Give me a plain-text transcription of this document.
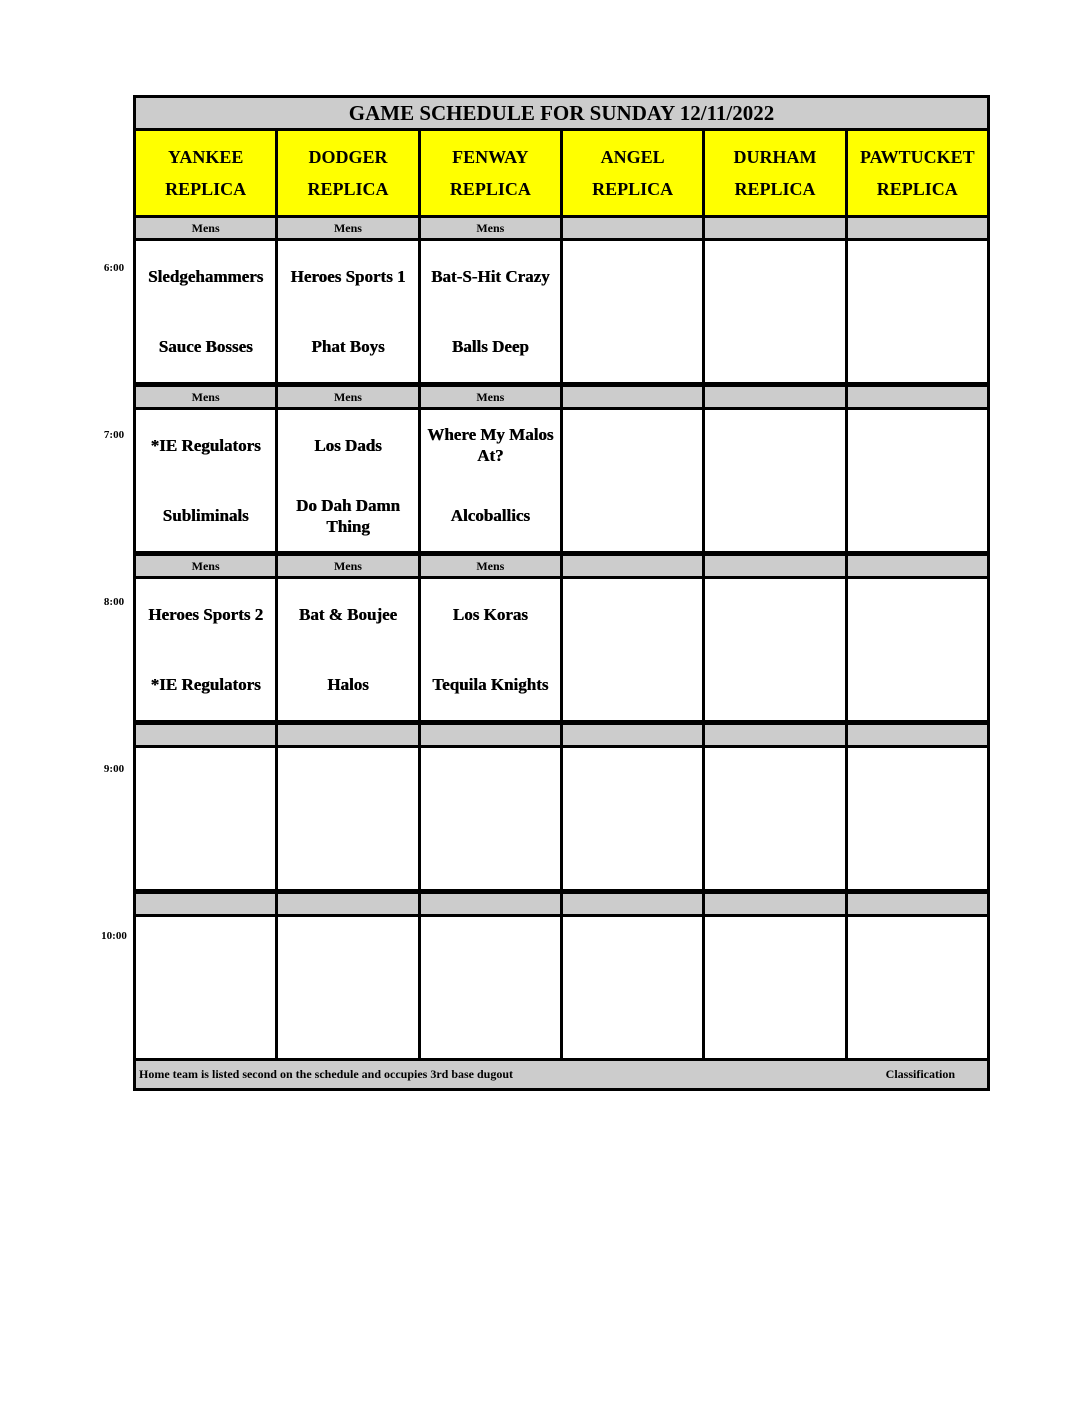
6:00
7:00
8:00
9:00
10:00
GAME SCHEDULE FOR SUNDAY 12/11/2022
YANKEE
REPLICA
Mens
Sledgehammers
Sauce Bosses
Mens
*IE Regulators
Subliminals
Mens
Heroes Sports 2
*IE Regulators
DODGER
REPLICA
Mens
Heroes Sports 1
Phat Boys
Mens
Los Dads
Do Dah Damn Thing
Mens
Bat & Boujee
Halos
FENWAY
REPLICA
Mens
Bat-S-Hit Crazy
Balls Deep
Mens
Where My Malos At?
Alcoballics
Mens
Los Koras
Tequila Knights
ANGEL
REPLICA
DURHAM
REPLICA
PAWTUCKET
REPLICA
Home team is listed second on the schedule and occupies 3rd base dugout	Classification
